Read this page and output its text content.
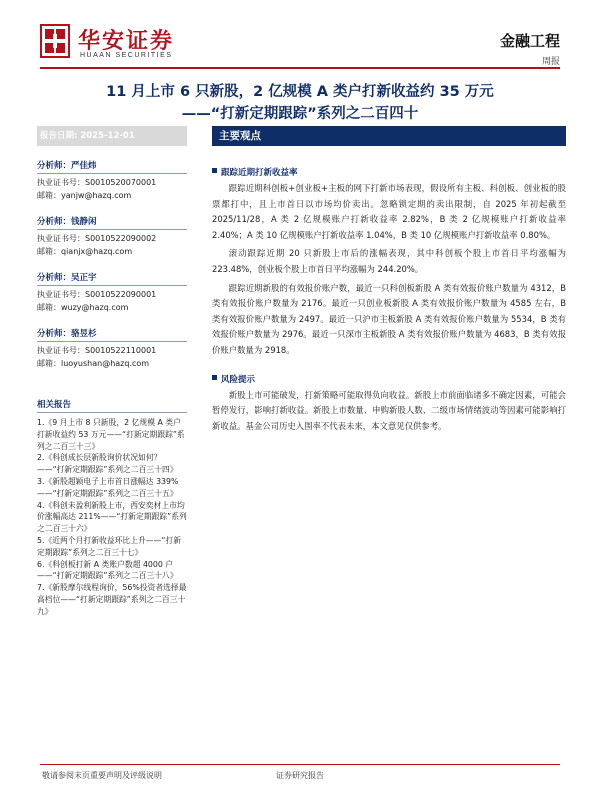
华安证券
HUAAN SECURITIES
金融工程
周报
11 月上市 6 只新股，2 亿规模 A 类户打新收益约 35 万元
——“打新定期跟踪”系列之二百四十
报告日期: 2025-12-01
分析师：严佳炜
执业证书号：S0010520070001
邮箱：yanjw@hazq.com
分析师：钱静闲
执业证书号：S0010522090002
邮箱：qianjx@hazq.com
分析师：吴正宇
执业证书号：S0010522090001
邮箱：wuzy@hazq.com
分析师：骆昱杉
执业证书号：S0010522110001
邮箱：luoyushan@hazq.com
相关报告
1.《9 月上市 8 只新股，2 亿规模 A 类户打新收益约 53 万元——“打新定期跟踪”系列之二百三十三》
2.《科创成长层新股询价状况如何？——“打新定期跟踪”系列之二百三十四》
3.《新股超颖电子上市首日涨幅达 339%——“打新定期跟踪”系列之二百三十五》
4.《科创未盈利新股上市，西安奕材上市均价涨幅高达 211%——“打新定期跟踪”系列之二百三十六》
5.《近两个月打新收益环比上升——“打新定期跟踪”系列之二百三十七》
6.《科创板打新 A 类账户数超 4000 户——“打新定期跟踪”系列之二百三十八》
7.《新股摩尔线程询价，56%投资者选择最高档位——“打新定期跟踪”系列之二百三十九》
主要观点
跟踪近期打新收益率

跟踪近期科创板+创业板+主板的网下打新市场表现，假设所有主板、科创板、创业板的股票都打中，且上市首日以市场均价卖出。忽略锁定期的卖出限制，自 2025 年初起截至 2025/11/28，A 类 2 亿规模账户打新收益率 2.82%，B 类 2 亿规模账户打新收益率 2.40%；A 类 10 亿规模账户打新收益率 1.04%，B 类 10 亿规模账户打新收益率 0.80%。

滚动跟踪近期 20 只新股上市后的涨幅表现，其中科创板个股上市首日平均涨幅为 223.48%，创业板个股上市首日平均涨幅为 244.20%。

跟踪近期新股的有效报价账户数，最近一只科创板新股 A 类有效报价账户数量为 4312，B 类有效报价账户数量为 2176。最近一只创业板新股 A 类有效报价账户数量为 4585 左右，B 类有效报价账户数量为 2497。最近一只沪市主板新股 A 类有效报价账户数量为 5534，B 类有效报价账户数量为 2976。最近一只深市主板新股 A 类有效报价账户数量为 4683，B 类有效报价账户数量为 2918。

风险提示

新股上市可能破发，打新策略可能取得负向收益。新股上市前面临诸多不确定因素，可能会暂停发行，影响打新收益。新股上市数量、申购新股人数、二级市场情绪波动等因素可能影响打新收益。基金公司历史入围率不代表未来，本文意见仅供参考。

敬请参阅末页重要声明及评级说明	证券研究报告
